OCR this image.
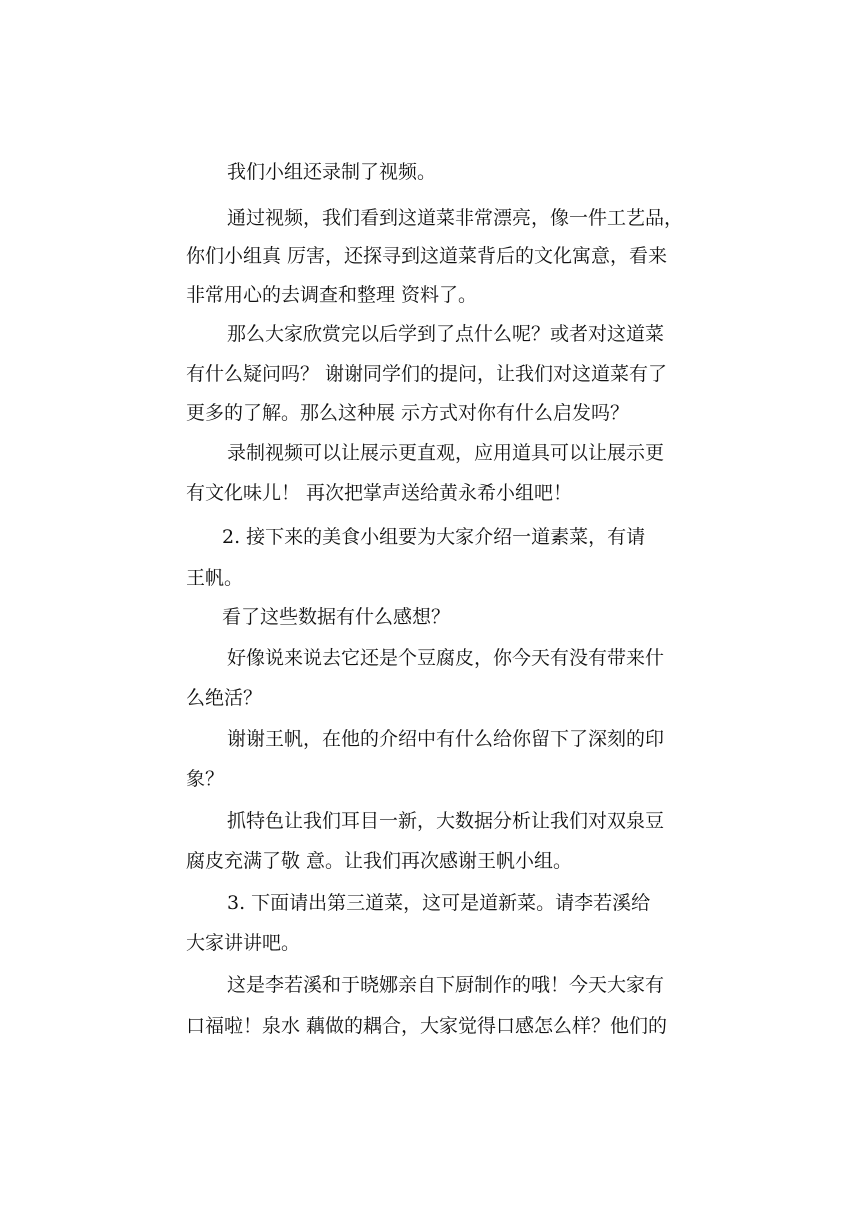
我们小组还录制了视频。
通过视频，我们看到这道菜非常漂亮，像一件工艺品，
你们小组真 厉害，还探寻到这道菜背后的文化寓意，看来
非常用心的去调查和整理 资料了。
那么大家欣赏完以后学到了点什么呢？或者对这道菜
有什么疑问吗？ 谢谢同学们的提问，让我们对这道菜有了
更多的了解。那么这种展 示方式对你有什么启发吗？
录制视频可以让展示更直观，应用道具可以让展示更
有文化味儿！ 再次把掌声送给黄永希小组吧！
2. 接下来的美食小组要为大家介绍一道素菜，有请
王帆。
看了这些数据有什么感想？
好像说来说去它还是个豆腐皮，你今天有没有带来什
么绝活？
谢谢王帆，在他的介绍中有什么给你留下了深刻的印
象？
抓特色让我们耳目一新，大数据分析让我们对双泉豆
腐皮充满了敬 意。让我们再次感谢王帆小组。
3. 下面请出第三道菜，这可是道新菜。请李若溪给
大家讲讲吧。
这是李若溪和于晓娜亲自下厨制作的哦！今天大家有
口福啦！泉水 藕做的耦合，大家觉得口感怎么样？他们的
